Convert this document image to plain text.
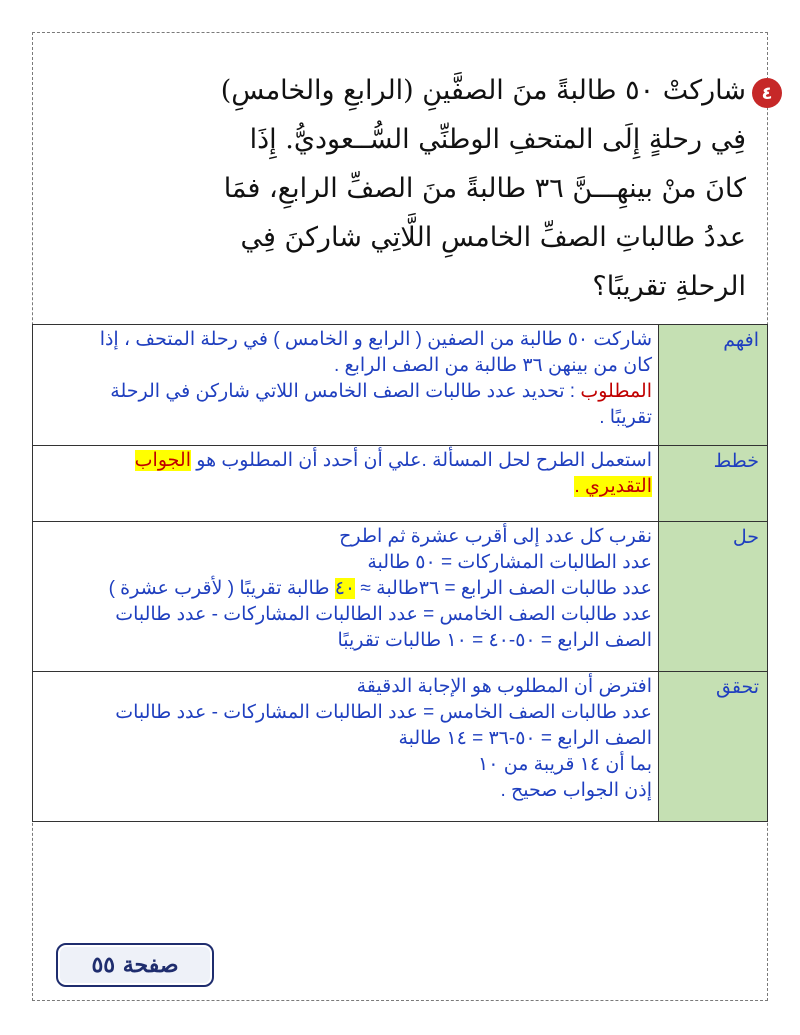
٤
شاركتْ ٥٠ طالبةً منَ الصفَّينِ (الرابعِ والخامسِ)
فِي رحلةٍ إِلَى المتحفِ الوطنِّي السُّــعوديُّ. إِذَا
كانَ منْ بينهِـــنَّ ٣٦ طالبةً منَ الصفِّ الرابعِ، فمَا
عددُ طالباتِ الصفِّ الخامسِ اللَّاتِي شاركنَ فِي
الرحلةِ تقريبًا؟
افهم	شاركت ٥٠ طالبة من الصفين ( الرابع و الخامس ) في رحلة المتحف ، إذا
كان من بينهن ٣٦ طالبة من الصف الرابع .
المطلوب : تحديد عدد طالبات الصف الخامس اللاتي شاركن في الرحلة
تقريبًا .

خطط	استعمل الطرح لحل المسألة .علي أن أحدد أن المطلوب هو الجواب
التقديري .

حل	نقرب كل عدد إلى أقرب عشرة ثم اطرح
عدد الطالبات المشاركات = ٥٠ طالبة
عدد طالبات الصف الرابع = ٣٦طالبة ≈ ٤٠ طالبة تقريبًا ( لأقرب عشرة )
عدد طالبات الصف الخامس = عدد الطالبات المشاركات - عدد طالبات
الصف الرابع = ٥٠-٤٠ = ١٠ طالبات تقريبًا

تحقق	افترض أن المطلوب هو الإجابة الدقيقة
عدد طالبات الصف الخامس = عدد الطالبات المشاركات - عدد طالبات
الصف الرابع = ٥٠-٣٦ = ١٤ طالبة
بما أن ١٤ قريبة من ١٠
إذن الجواب صحيح .
صفحة ٥٥
